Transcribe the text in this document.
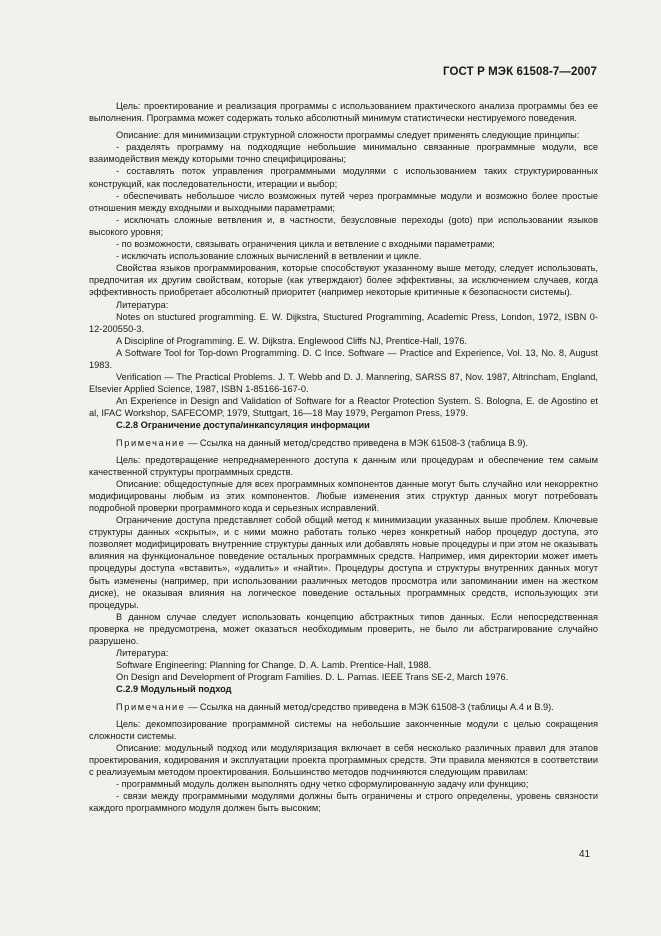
ГОСТ Р МЭК 61508-7—2007

Цель: проектирование и реализация программы с использованием практического анализа программы без ее выполнения. Программа может содержать только абсолютный минимум статистически нестируемого поведения.

Описание: для минимизации структурной сложности программы следует применять следующие принципы:

- разделять программу на подходящие небольшие минимально связанные программные модули, все взаимодействия между которыми точно специфицированы;

- составлять поток управления программными модулями с использованием таких структурированных конструкций, как последовательности, итерации и выбор;

- обеспечивать небольшое число возможных путей через программные модули и возможно более простые отношения между входными и выходными параметрами;

- исключать сложные ветвления и, в частности, безусловные переходы (goto) при использовании языков высокого уровня;

- по возможности, связывать ограничения цикла и ветвление с входными параметрами;

- исключать использование сложных вычислений в ветвлении и цикле.

Свойства языков программирования, которые способствуют указанному выше методу, следует использовать, предпочитая их другим свойствам, которые (как утверждают) более эффективны, за исключением случаев, когда эффективность приобретает абсолютный приоритет (например некоторые критичные к безопасности системы).

Литература:

Notes on stuctured programming. E. W. Dijkstra, Stuctured Programming, Academic Press, London, 1972, ISBN 0-12-200550-3.

A Discipline of Programming. E. W. Dijkstra. Englewood Cliffs NJ, Prentice-Hall, 1976.

A Software Tool for Top-down Programming. D. C Ince. Software — Practice and Experience, Vol. 13, No. 8, August 1983.

Verification — The Practical Problems. J. T. Webb and D. J. Mannering, SARSS 87, Nov. 1987, Altrincham, England, Elsevier Applied Science, 1987, ISBN 1-85166-167-0.

An Experience in Design and Validation of Software for a Reactor Protection System. S. Bologna, E. de Agostino et al, IFAC Workshop, SAFECOMP, 1979, Stuttgart, 16—18 May 1979, Pergamon Press, 1979.

C.2.8 Ограничение доступа/инкапсуляция информации

Примечание — Ссылка на данный метод/средство приведена в МЭК 61508-3 (таблица В.9).

Цель: предотвращение непреднамеренного доступа к данным или процедурам и обеспечение тем самым качественной структуры программных средств.

Описание: общедоступные для всех программных компонентов данные могут быть случайно или некорректно модифицированы любым из этих компонентов. Любые изменения этих структур данных могут потребовать подробной проверки программного кода и серьезных исправлений.

Ограничение доступа представляет собой общий метод к минимизации указанных выше проблем. Ключевые структуры данных «скрыты», и с ними можно работать только через конкретный набор процедур доступа, это позволяет модифицировать внутренние структуры данных или добавлять новые процедуры и при этом не оказывать влияния на функциональное поведение остальных программных средств. Например, имя директории может иметь процедуры доступа «вставить», «удалить» и «найти». Процедуры доступа и структуры внутренних данных могут быть изменены (например, при использовании различных методов просмотра или запоминании имен на жестком диске), не оказывая влияния на логическое поведение остальных программных средств, использующих эти процедуры.

В данном случае следует использовать концепцию абстрактных типов данных. Если непосредственная проверка не предусмотрена, может оказаться необходимым проверить, не было ли абстрагирование случайно разрушено.

Литература:

Software Engineering: Planning for Change. D. A. Lamb. Prentice-Hall, 1988.

On Design and Development of Program Families. D. L. Parnas. IEEE Trans SE-2, March 1976.

C.2.9 Модульный подход

Примечание — Ссылка на данный метод/средство приведена в МЭК 61508-3 (таблицы А.4 и В.9).

Цель: декомпозирование программной системы на небольшие законченные модули с целью сокращения сложности системы.

Описание: модульный подход или модуляризация включает в себя несколько различных правил для этапов проектирования, кодирования и эксплуатации проекта программных средств. Эти правила меняются в соответствии с реализуемым методом проектирования. Большинство методов подчиняются следующим правилам:

- программный модуль должен выполнять одну четко сформулированную задачу или функцию;

- связи между программными модулями должны быть ограничены и строго определены, уровень связности каждого программного модуля должен быть высоким;

41
